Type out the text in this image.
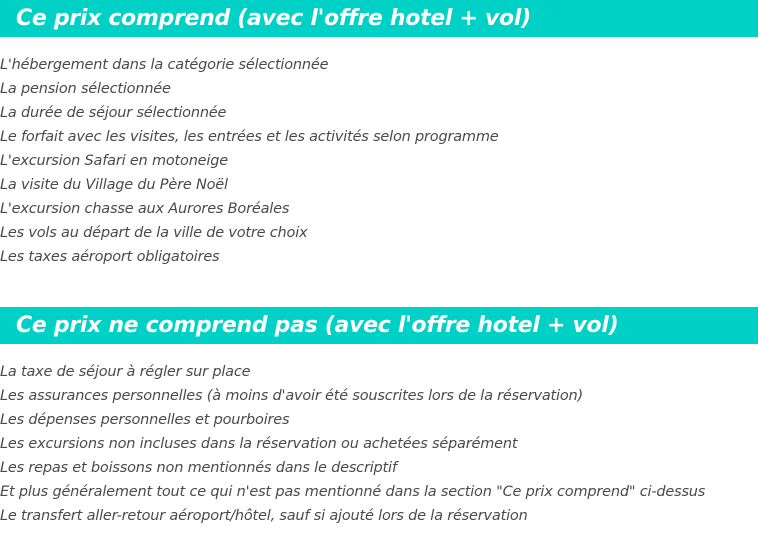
Ce prix comprend (avec l'offre hotel + vol)
L'hébergement dans la catégorie sélectionnée
La pension sélectionnée
La durée de séjour sélectionnée
Le forfait avec les visites, les entrées et les activités selon programme
L'excursion Safari en motoneige
La visite du Village du Père Noël
L'excursion chasse aux Aurores Boréales
Les vols au départ de la ville de votre choix
Les taxes aéroport obligatoires
Ce prix ne comprend pas (avec l'offre hotel + vol)
La taxe de séjour à régler sur place
Les assurances personnelles (à moins d'avoir été souscrites lors de la réservation)
Les dépenses personnelles et pourboires
Les excursions non incluses dans la réservation ou achetées séparément
Les repas et boissons non mentionnés dans le descriptif
Et plus généralement tout ce qui n'est pas mentionné dans la section "Ce prix comprend" ci-dessus
Le transfert aller-retour aéroport/hôtel, sauf si ajouté lors de la réservation
